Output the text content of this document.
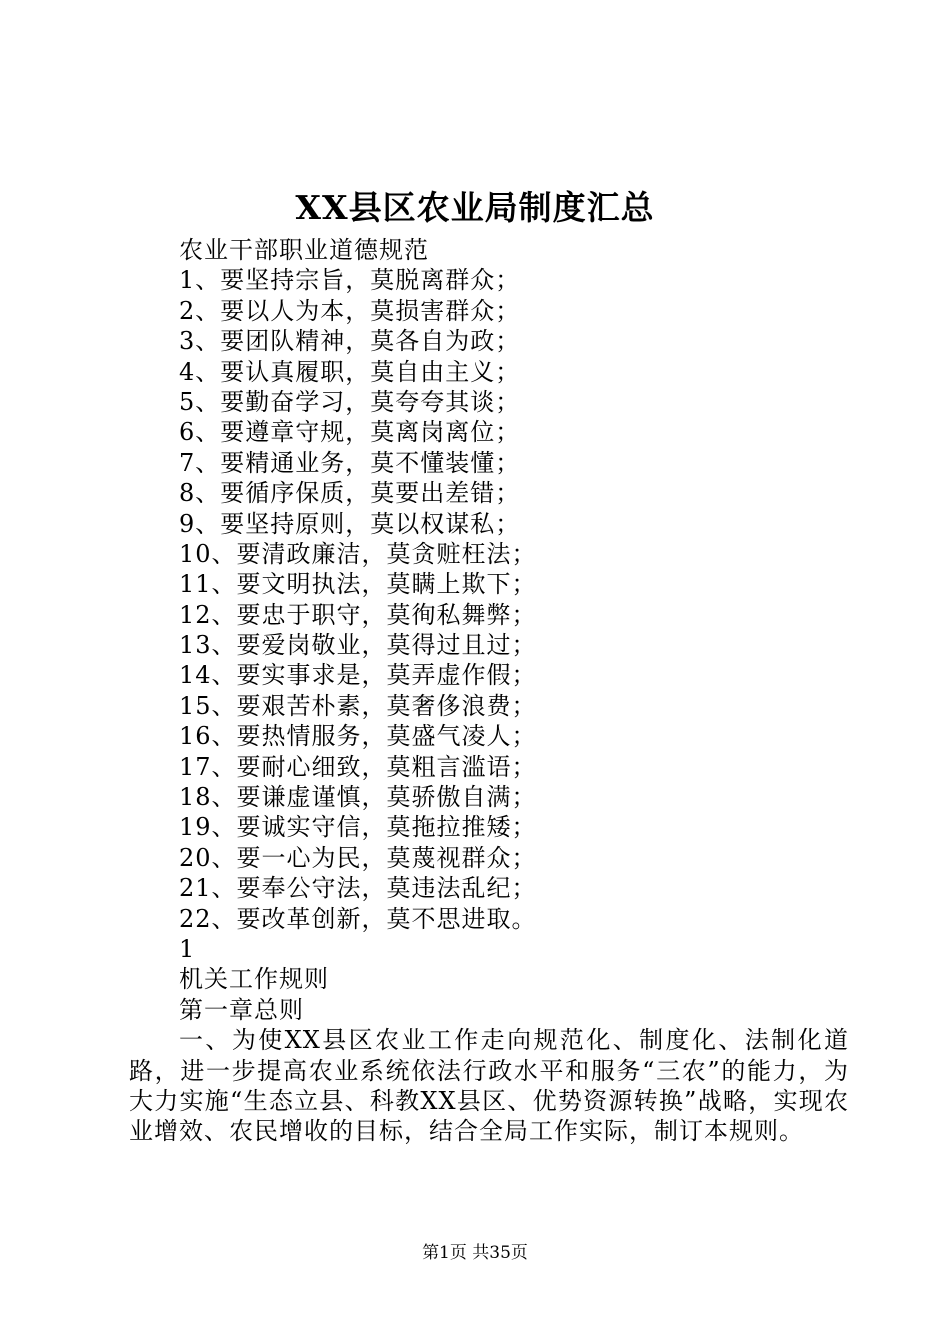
XX县区农业局制度汇总
农业干部职业道德规范
1、要坚持宗旨，莫脱离群众；
2、要以人为本，莫损害群众；
3、要团队精神，莫各自为政；
4、要认真履职，莫自由主义；
5、要勤奋学习，莫夸夸其谈；
6、要遵章守规，莫离岗离位；
7、要精通业务，莫不懂装懂；
8、要循序保质，莫要出差错；
9、要坚持原则，莫以权谋私；
10、要清政廉洁，莫贪赃枉法；
11、要文明执法，莫瞒上欺下；
12、要忠于职守，莫徇私舞弊；
13、要爱岗敬业，莫得过且过；
14、要实事求是，莫弄虚作假；
15、要艰苦朴素，莫奢侈浪费；
16、要热情服务，莫盛气凌人；
17、要耐心细致，莫粗言滥语；
18、要谦虚谨慎，莫骄傲自满；
19、要诚实守信，莫拖拉推矮；
20、要一心为民，莫蔑视群众；
21、要奉公守法，莫违法乱纪；
22、要改革创新，莫不思进取。
1
机关工作规则
第一章总则

一、为使XX县区农业工作走向规范化、制度化、法制化道路，进一步提高农业系统依法行政水平和服务“三农”的能力，为大力实施“生态立县、科教XX县区、优势资源转换”战略，实现农业增效、农民增收的目标，结合全局工作实际，制订本规则。

第1页 共35页
